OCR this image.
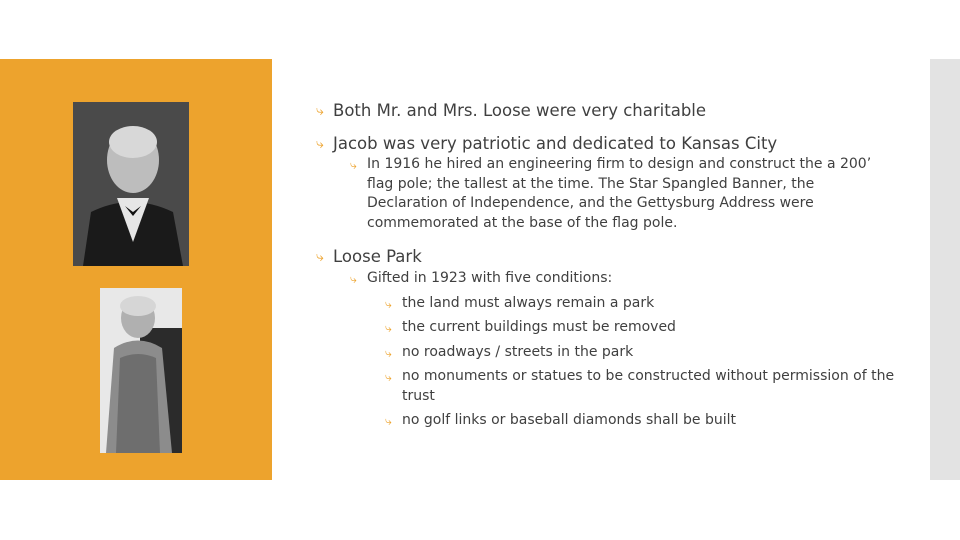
⤷ Both Mr. and Mrs. Loose were very charitable
⤷ Jacob was very patriotic and dedicated to Kansas City
⤷ In 1916 he hired an engineering firm to design and construct the a 200’ flag pole; the tallest at the time. The Star Spangled Banner, the Declaration of Independence, and the Gettysburg Address were commemorated at the base of the flag pole.
⤷ Loose Park
⤷ Gifted in 1923 with five conditions:
⤷ the land must always remain a park
⤷ the current buildings must be removed
⤷ no roadways / streets in the park
⤷ no monuments or statues to be constructed without permission of the trust
⤷ no golf links or baseball diamonds shall be built
